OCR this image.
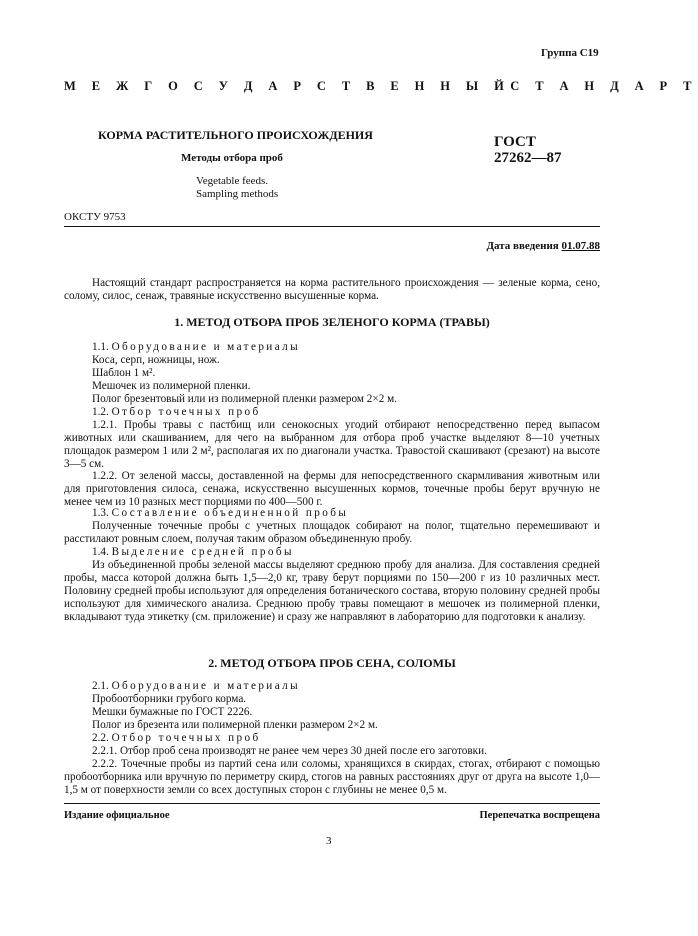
Группа С19
М Е Ж Г О С У Д А Р С Т В Е Н Н Ы Й С Т А Н Д А Р Т
КОРМА РАСТИТЕЛЬНОГО ПРОИСХОЖДЕНИЯ	ГОСТ
27262—87
Методы отбора проб
Vegetable feeds.
Sampling methods
ОКСТУ 9753
Дата введения 01.07.88
Настоящий стандарт распространяется на корма растительного происхождения — зеленые корма, сено, солому, силос, сенаж, травяные искусственно высушенные корма.
1. МЕТОД ОТБОРА ПРОБ ЗЕЛЕНОГО КОРМА (ТРАВЫ)
1.1. Оборудование и материалы
Коса, серп, ножницы, нож.
Шаблон 1 м².
Мешочек из полимерной пленки.
Полог брезентовый или из полимерной пленки размером 2×2 м.
1.2. Отбор точечных проб
1.2.1. Пробы травы с пастбищ или сенокосных угодий отбирают непосредственно перед выпасом животных или скашиванием, для чего на выбранном для отбора проб участке выделяют 8—10 учетных площадок размером 1 или 2 м², располагая их по диагонали участка. Травостой скашивают (срезают) на высоте 3—5 см.
1.2.2. От зеленой массы, доставленной на фермы для непосредственного скармливания животным или для приготовления силоса, сенажа, искусственно высушенных кормов, точечные пробы берут вручную не менее чем из 10 разных мест порциями по 400—500 г.
1.3. Составление объединенной пробы
Полученные точечные пробы с учетных площадок собирают на полог, тщательно перемешивают и расстилают ровным слоем, получая таким образом объединенную пробу.
1.4. Выделение средней пробы
Из объединенной пробы зеленой массы выделяют среднюю пробу для анализа. Для составления средней пробы, масса которой должна быть 1,5—2,0 кг, траву берут порциями по 150—200 г из 10 различных мест. Половину средней пробы используют для определения ботанического состава, вторую половину средней пробы используют для химического анализа. Среднюю пробу травы помещают в мешочек из полимерной пленки, вкладывают туда этикетку (см. приложение) и сразу же направляют в лабораторию для подготовки к анализу.
2. МЕТОД ОТБОРА ПРОБ СЕНА, СОЛОМЫ
2.1. Оборудование и материалы
Пробоотборники грубого корма.
Мешки бумажные по ГОСТ 2226.
Полог из брезента или полимерной пленки размером 2×2 м.
2.2. Отбор точечных проб
2.2.1. Отбор проб сена производят не ранее чем через 30 дней после его заготовки.
2.2.2. Точечные пробы из партий сена или соломы, хранящихся в скирдах, стогах, отбирают с помощью пробоотборника или вручную по периметру скирд, стогов на равных расстояниях друг от друга на высоте 1,0—1,5 м от поверхности земли со всех доступных сторон с глубины не менее 0,5 м.
Издание официальное	Перепечатка воспрещена
3
